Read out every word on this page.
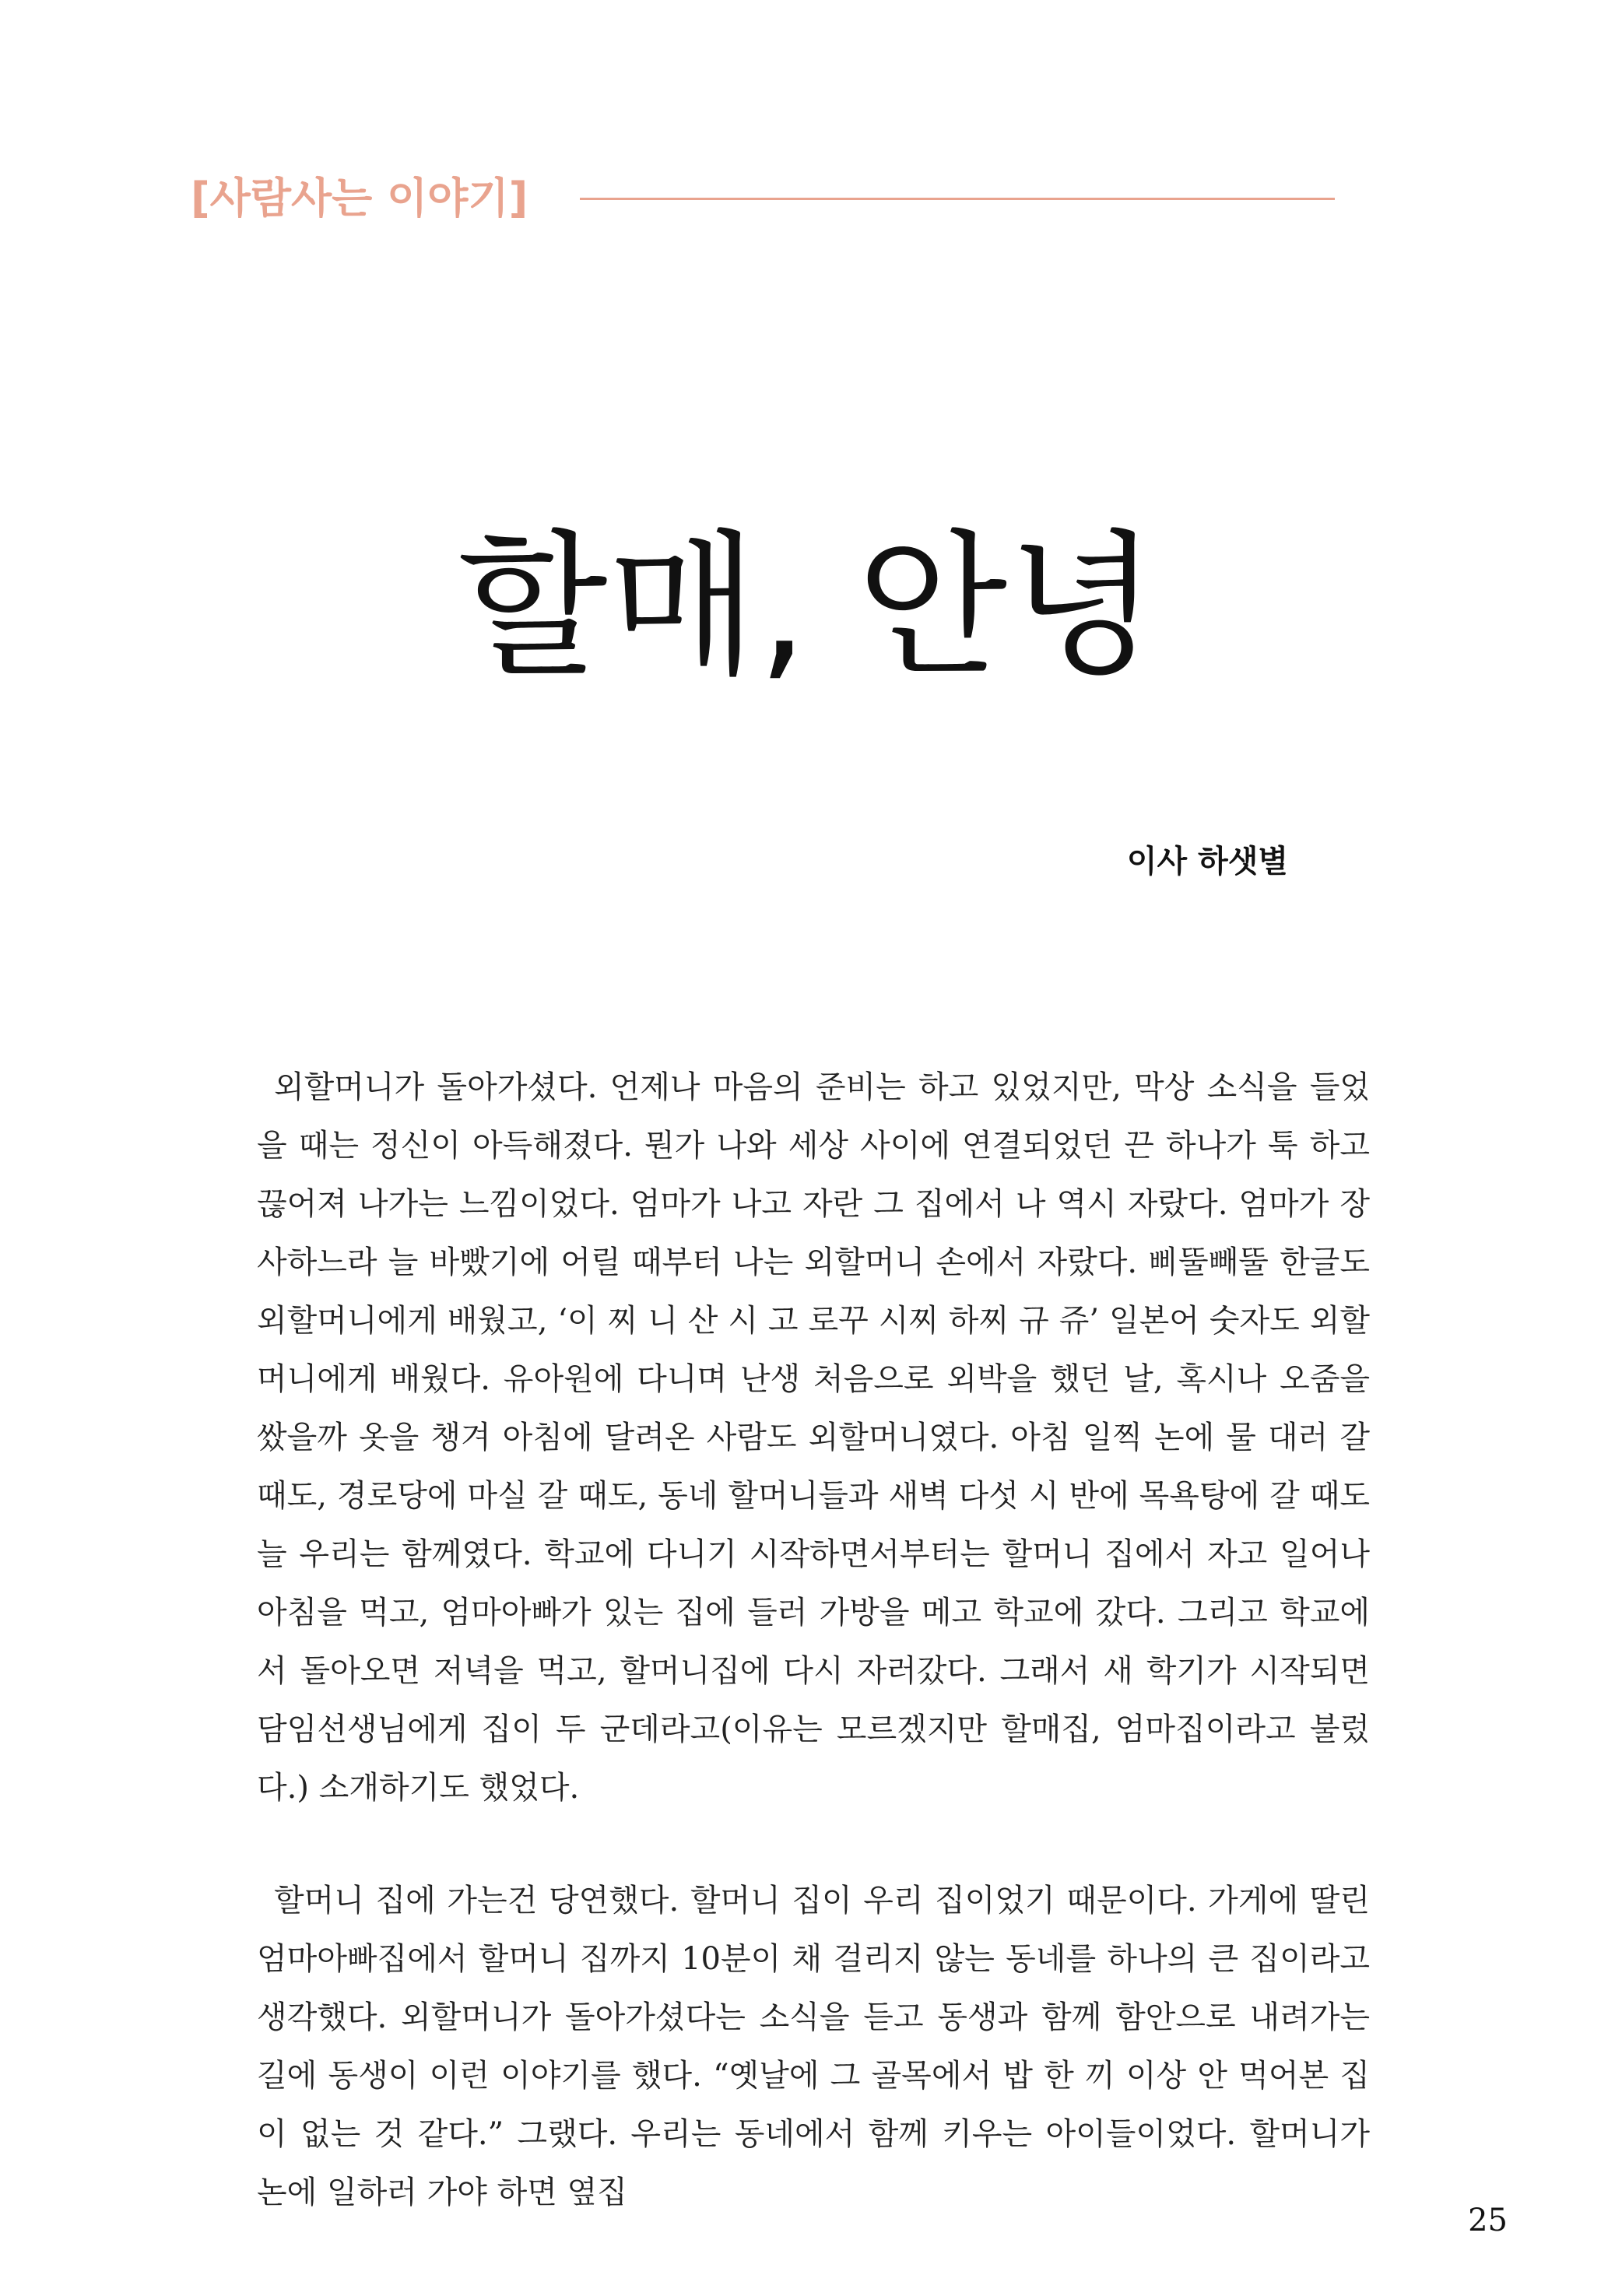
[사람사는 이야기]
할매, 안녕
이사 하샛별

외할머니가 돌아가셨다. 언제나 마음의 준비는 하고 있었지만, 막상 소식을 들었을 때는 정신이 아득해졌다. 뭔가 나와 세상 사이에 연결되었던 끈 하나가 툭 하고 끊어져 나가는 느낌이었다. 엄마가 나고 자란 그 집에서 나 역시 자랐다. 엄마가 장사하느라 늘 바빴기에 어릴 때부터 나는 외할머니 손에서 자랐다. 삐뚤빼뚤 한글도 외할머니에게 배웠고, ‘이 찌 니 산 시 고 로꾸 시찌 하찌 규 쥬’ 일본어 숫자도 외할머니에게 배웠다. 유아원에 다니며 난생 처음으로 외박을 했던 날, 혹시나 오줌을 쌌을까 옷을 챙겨 아침에 달려온 사람도 외할머니였다. 아침 일찍 논에 물 대러 갈 때도, 경로당에 마실 갈 때도, 동네 할머니들과 새벽 다섯 시 반에 목욕탕에 갈 때도 늘 우리는 함께였다. 학교에 다니기 시작하면서부터는 할머니 집에서 자고 일어나 아침을 먹고, 엄마아빠가 있는 집에 들러 가방을 메고 학교에 갔다. 그리고 학교에서 돌아오면 저녁을 먹고, 할머니집에 다시 자러갔다. 그래서 새 학기가 시작되면 담임선생님에게 집이 두 군데라고(이유는 모르겠지만 할매집, 엄마집이라고 불렀다.) 소개하기도 했었다.

할머니 집에 가는건 당연했다. 할머니 집이 우리 집이었기 때문이다. 가게에 딸린 엄마아빠집에서 할머니 집까지 10분이 채 걸리지 않는 동네를 하나의 큰 집이라고 생각했다. 외할머니가 돌아가셨다는 소식을 듣고 동생과 함께 함안으로 내려가는 길에 동생이 이런 이야기를 했다. “옛날에 그 골목에서 밥 한 끼 이상 안 먹어본 집이 없는 것 같다.” 그랬다. 우리는 동네에서 함께 키우는 아이들이었다. 할머니가 논에 일하러 가야 하면 옆집

25
